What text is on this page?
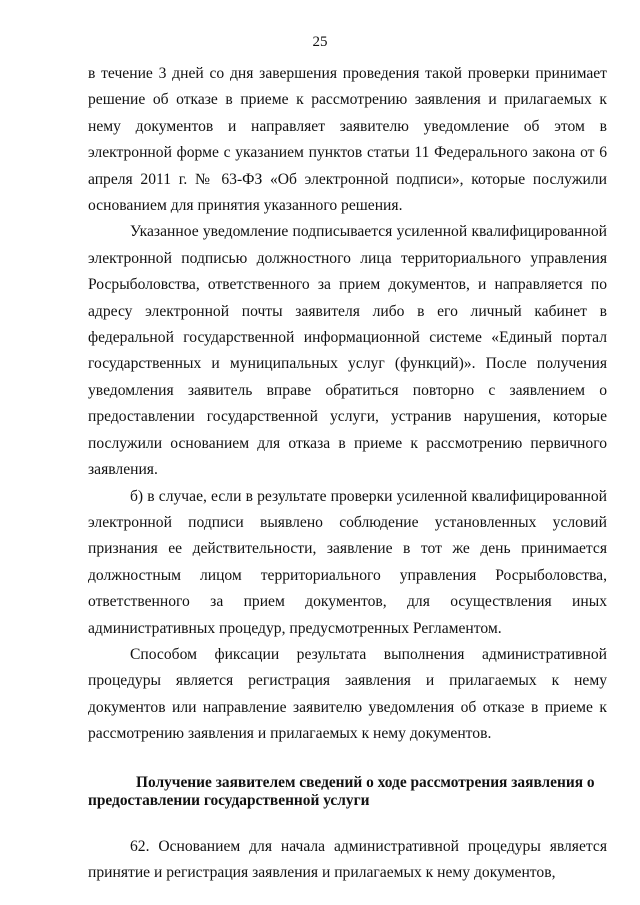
25

в течение 3 дней со дня завершения проведения такой проверки принимает решение об отказе в приеме к рассмотрению заявления и прилагаемых к нему документов и направляет заявителю уведомление об этом в электронной форме с указанием пунктов статьи 11 Федерального закона от 6 апреля 2011 г. № 63-ФЗ «Об электронной подписи», которые послужили основанием для принятия указанного решения.

Указанное уведомление подписывается усиленной квалифицированной электронной подписью должностного лица территориального управления Росрыболовства, ответственного за прием документов, и направляется по адресу электронной почты заявителя либо в его личный кабинет в федеральной государственной информационной системе «Единый портал государственных и муниципальных услуг (функций)». После получения уведомления заявитель вправе обратиться повторно с заявлением о предоставлении государственной услуги, устранив нарушения, которые послужили основанием для отказа в приеме к рассмотрению первичного заявления.

б) в случае, если в результате проверки усиленной квалифицированной электронной подписи выявлено соблюдение установленных условий признания ее действительности, заявление в тот же день принимается должностным лицом территориального управления Росрыболовства, ответственного за прием документов, для осуществления иных административных процедур, предусмотренных Регламентом.

Способом фиксации результата выполнения административной процедуры является регистрация заявления и прилагаемых к нему документов или направление заявителю уведомления об отказе в приеме к рассмотрению заявления и прилагаемых к нему документов.

Получение заявителем сведений о ходе рассмотрения заявления о
предоставлении государственной услуги

62. Основанием для начала административной процедуры является принятие и регистрация заявления и прилагаемых к нему документов,
